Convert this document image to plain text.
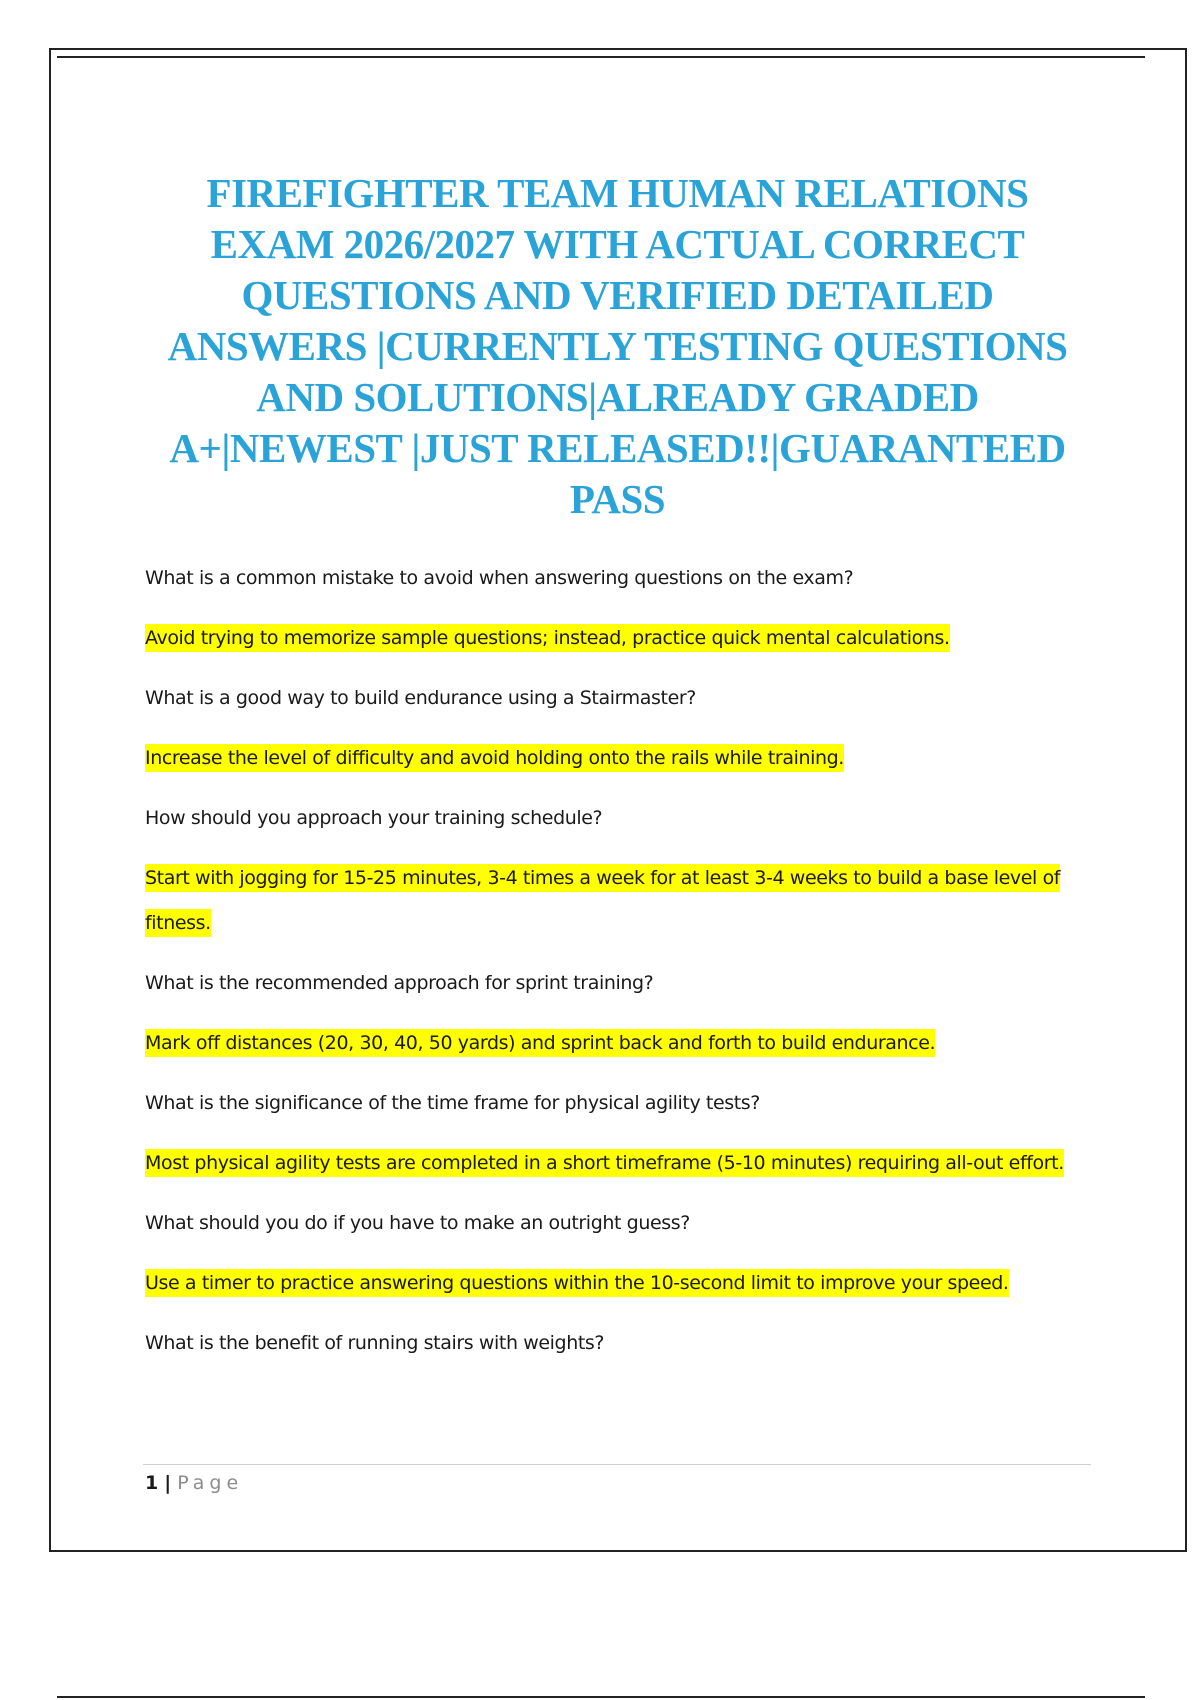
FIREFIGHTER TEAM HUMAN RELATIONS EXAM 2026/2027 WITH ACTUAL CORRECT QUESTIONS AND VERIFIED DETAILED ANSWERS |CURRENTLY TESTING QUESTIONS AND SOLUTIONS|ALREADY GRADED A+|NEWEST |JUST RELEASED!!|GUARANTEED PASS

What is a common mistake to avoid when answering questions on the exam?

Avoid trying to memorize sample questions; instead, practice quick mental calculations.

What is a good way to build endurance using a Stairmaster?

Increase the level of difficulty and avoid holding onto the rails while training.

How should you approach your training schedule?

Start with jogging for 15-25 minutes, 3-4 times a week for at least 3-4 weeks to build a base level of fitness.

What is the recommended approach for sprint training?

Mark off distances (20, 30, 40, 50 yards) and sprint back and forth to build endurance.

What is the significance of the time frame for physical agility tests?

Most physical agility tests are completed in a short timeframe (5-10 minutes) requiring all-out effort.

What should you do if you have to make an outright guess?

Use a timer to practice answering questions within the 10-second limit to improve your speed.

What is the benefit of running stairs with weights?

1 | Page
